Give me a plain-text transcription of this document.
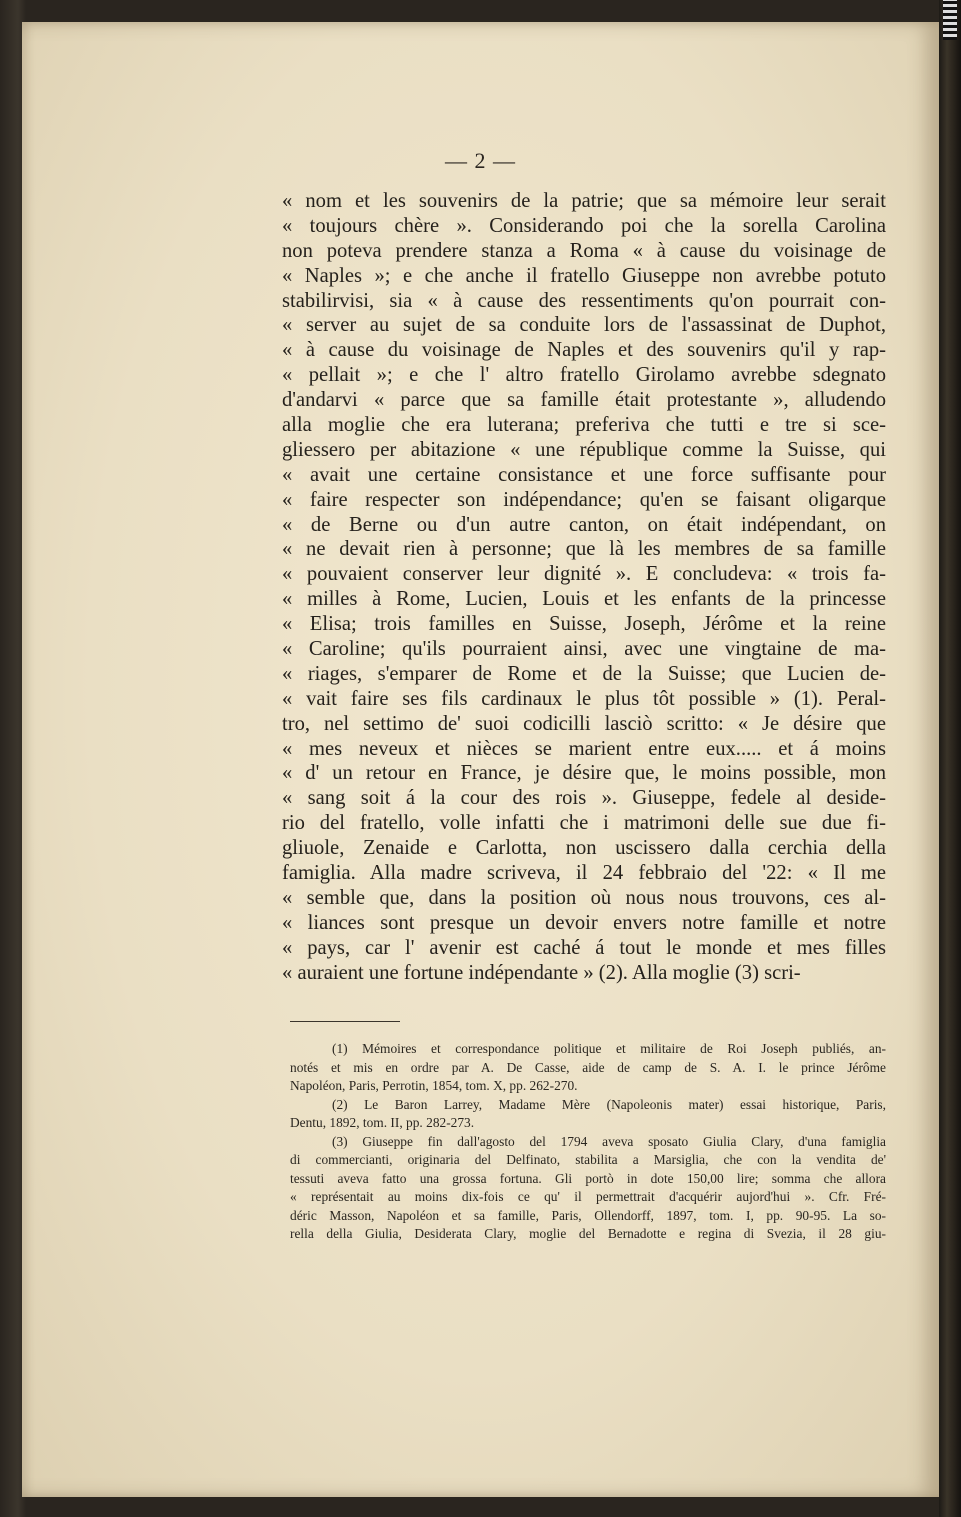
— 2 —
« nom et les souvenirs de la patrie; que sa mémoire leur serait
« toujours chère ». Considerando poi che la sorella Carolina
non poteva prendere stanza a Roma « à cause du voisinage de
« Naples »; e che anche il fratello Giuseppe non avrebbe potuto
stabilirvisi, sia « à cause des ressentiments qu'on pourrait con-
« server au sujet de sa conduite lors de l'assassinat de Duphot,
« à cause du voisinage de Naples et des souvenirs qu'il y rap-
« pellait »; e che l' altro fratello Girolamo avrebbe sdegnato
d'andarvi « parce que sa famille était protestante », alludendo
alla moglie che era luterana; preferiva che tutti e tre si sce-
gliessero per abitazione « une république comme la Suisse, qui
« avait une certaine consistance et une force suffisante pour
« faire respecter son indépendance; qu'en se faisant oligarque
« de Berne ou d'un autre canton, on était indépendant, on
« ne devait rien à personne; que là les membres de sa famille
« pouvaient conserver leur dignité ». E concludeva: « trois fa-
« milles à Rome, Lucien, Louis et les enfants de la princesse
« Elisa; trois familles en Suisse, Joseph, Jérôme et la reine
« Caroline; qu'ils pourraient ainsi, avec une vingtaine de ma-
« riages, s'emparer de Rome et de la Suisse; que Lucien de-
« vait faire ses fils cardinaux le plus tôt possible » (1). Peral-
tro, nel settimo de' suoi codicilli lasciò scritto: « Je désire que
« mes neveux et nièces se marient entre eux..... et á moins
« d' un retour en France, je désire que, le moins possible, mon
« sang soit á la cour des rois ». Giuseppe, fedele al deside-
rio del fratello, volle infatti che i matrimoni delle sue due fi-
gliuole, Zenaide e Carlotta, non uscissero dalla cerchia della
famiglia. Alla madre scriveva, il 24 febbraio del '22: « Il me
« semble que, dans la position où nous nous trouvons, ces al-
« liances sont presque un devoir envers notre famille et notre
« pays, car l' avenir est caché á tout le monde et mes filles
« auraient une fortune indépendante » (2). Alla moglie (3) scri-
(1) Mémoires et correspondance politique et militaire de Roi Joseph publiés, an-
notés et mis en ordre par A. De Casse, aide de camp de S. A. I. le prince Jérôme
Napoléon, Paris, Perrotin, 1854, tom. X, pp. 262-270.
(2) Le Baron Larrey, Madame Mère (Napoleonis mater) essai historique, Paris,
Dentu, 1892, tom. II, pp. 282-273.
(3) Giuseppe fin dall'agosto del 1794 aveva sposato Giulia Clary, d'una famiglia
di commercianti, originaria del Delfinato, stabilita a Marsiglia, che con la vendita de'
tessuti aveva fatto una grossa fortuna. Gli portò in dote 150,00 lire; somma che allora
« représentait au moins dix-fois ce qu' il permettrait d'acquérir aujord'hui ». Cfr. Fré-
déric Masson, Napoléon et sa famille, Paris, Ollendorff, 1897, tom. I, pp. 90-95. La so-
rella della Giulia, Desiderata Clary, moglie del Bernadotte e regina di Svezia, il 28 giu-
